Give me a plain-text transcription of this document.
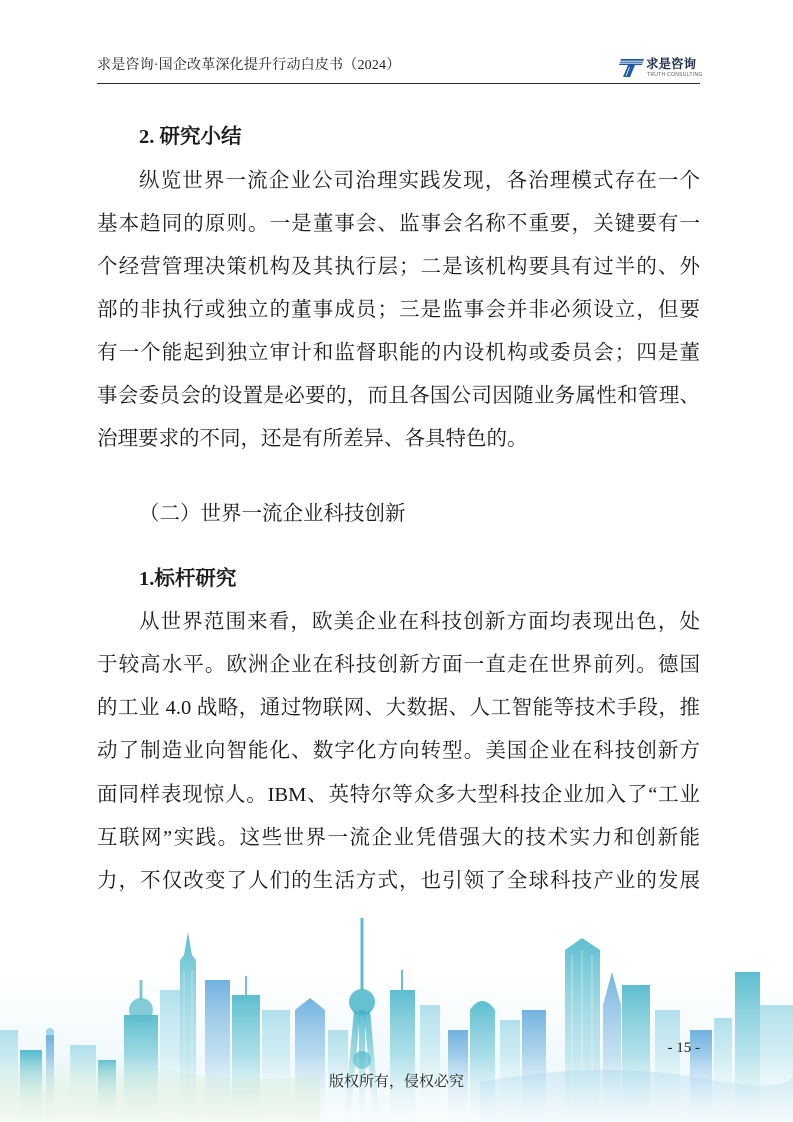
求是咨询·国企改革深化提升行动白皮书（2024）	求是咨询
TRUTH CONSULTING
2. 研究小结
纵览世界一流企业公司治理实践发现，各治理模式存在一个
基本趋同的原则。一是董事会、监事会名称不重要，关键要有一
个经营管理决策机构及其执行层；二是该机构要具有过半的、外
部的非执行或独立的董事成员；三是监事会并非必须设立，但要
有一个能起到独立审计和监督职能的内设机构或委员会；四是董
事会委员会的设置是必要的，而且各国公司因随业务属性和管理、
治理要求的不同，还是有所差异、各具特色的。
（二）世界一流企业科技创新
1.标杆研究
从世界范围来看，欧美企业在科技创新方面均表现出色，处
于较高水平。欧洲企业在科技创新方面一直走在世界前列。德国
的工业 4.0 战略，通过物联网、大数据、人工智能等技术手段，推
动了制造业向智能化、数字化方向转型。美国企业在科技创新方
面同样表现惊人。IBM、英特尔等众多大型科技企业加入了“工业
互联网”实践。这些世界一流企业凭借强大的技术实力和创新能
力，不仅改变了人们的生活方式，也引领了全球科技产业的发展
- 15 -
版权所有，侵权必究
